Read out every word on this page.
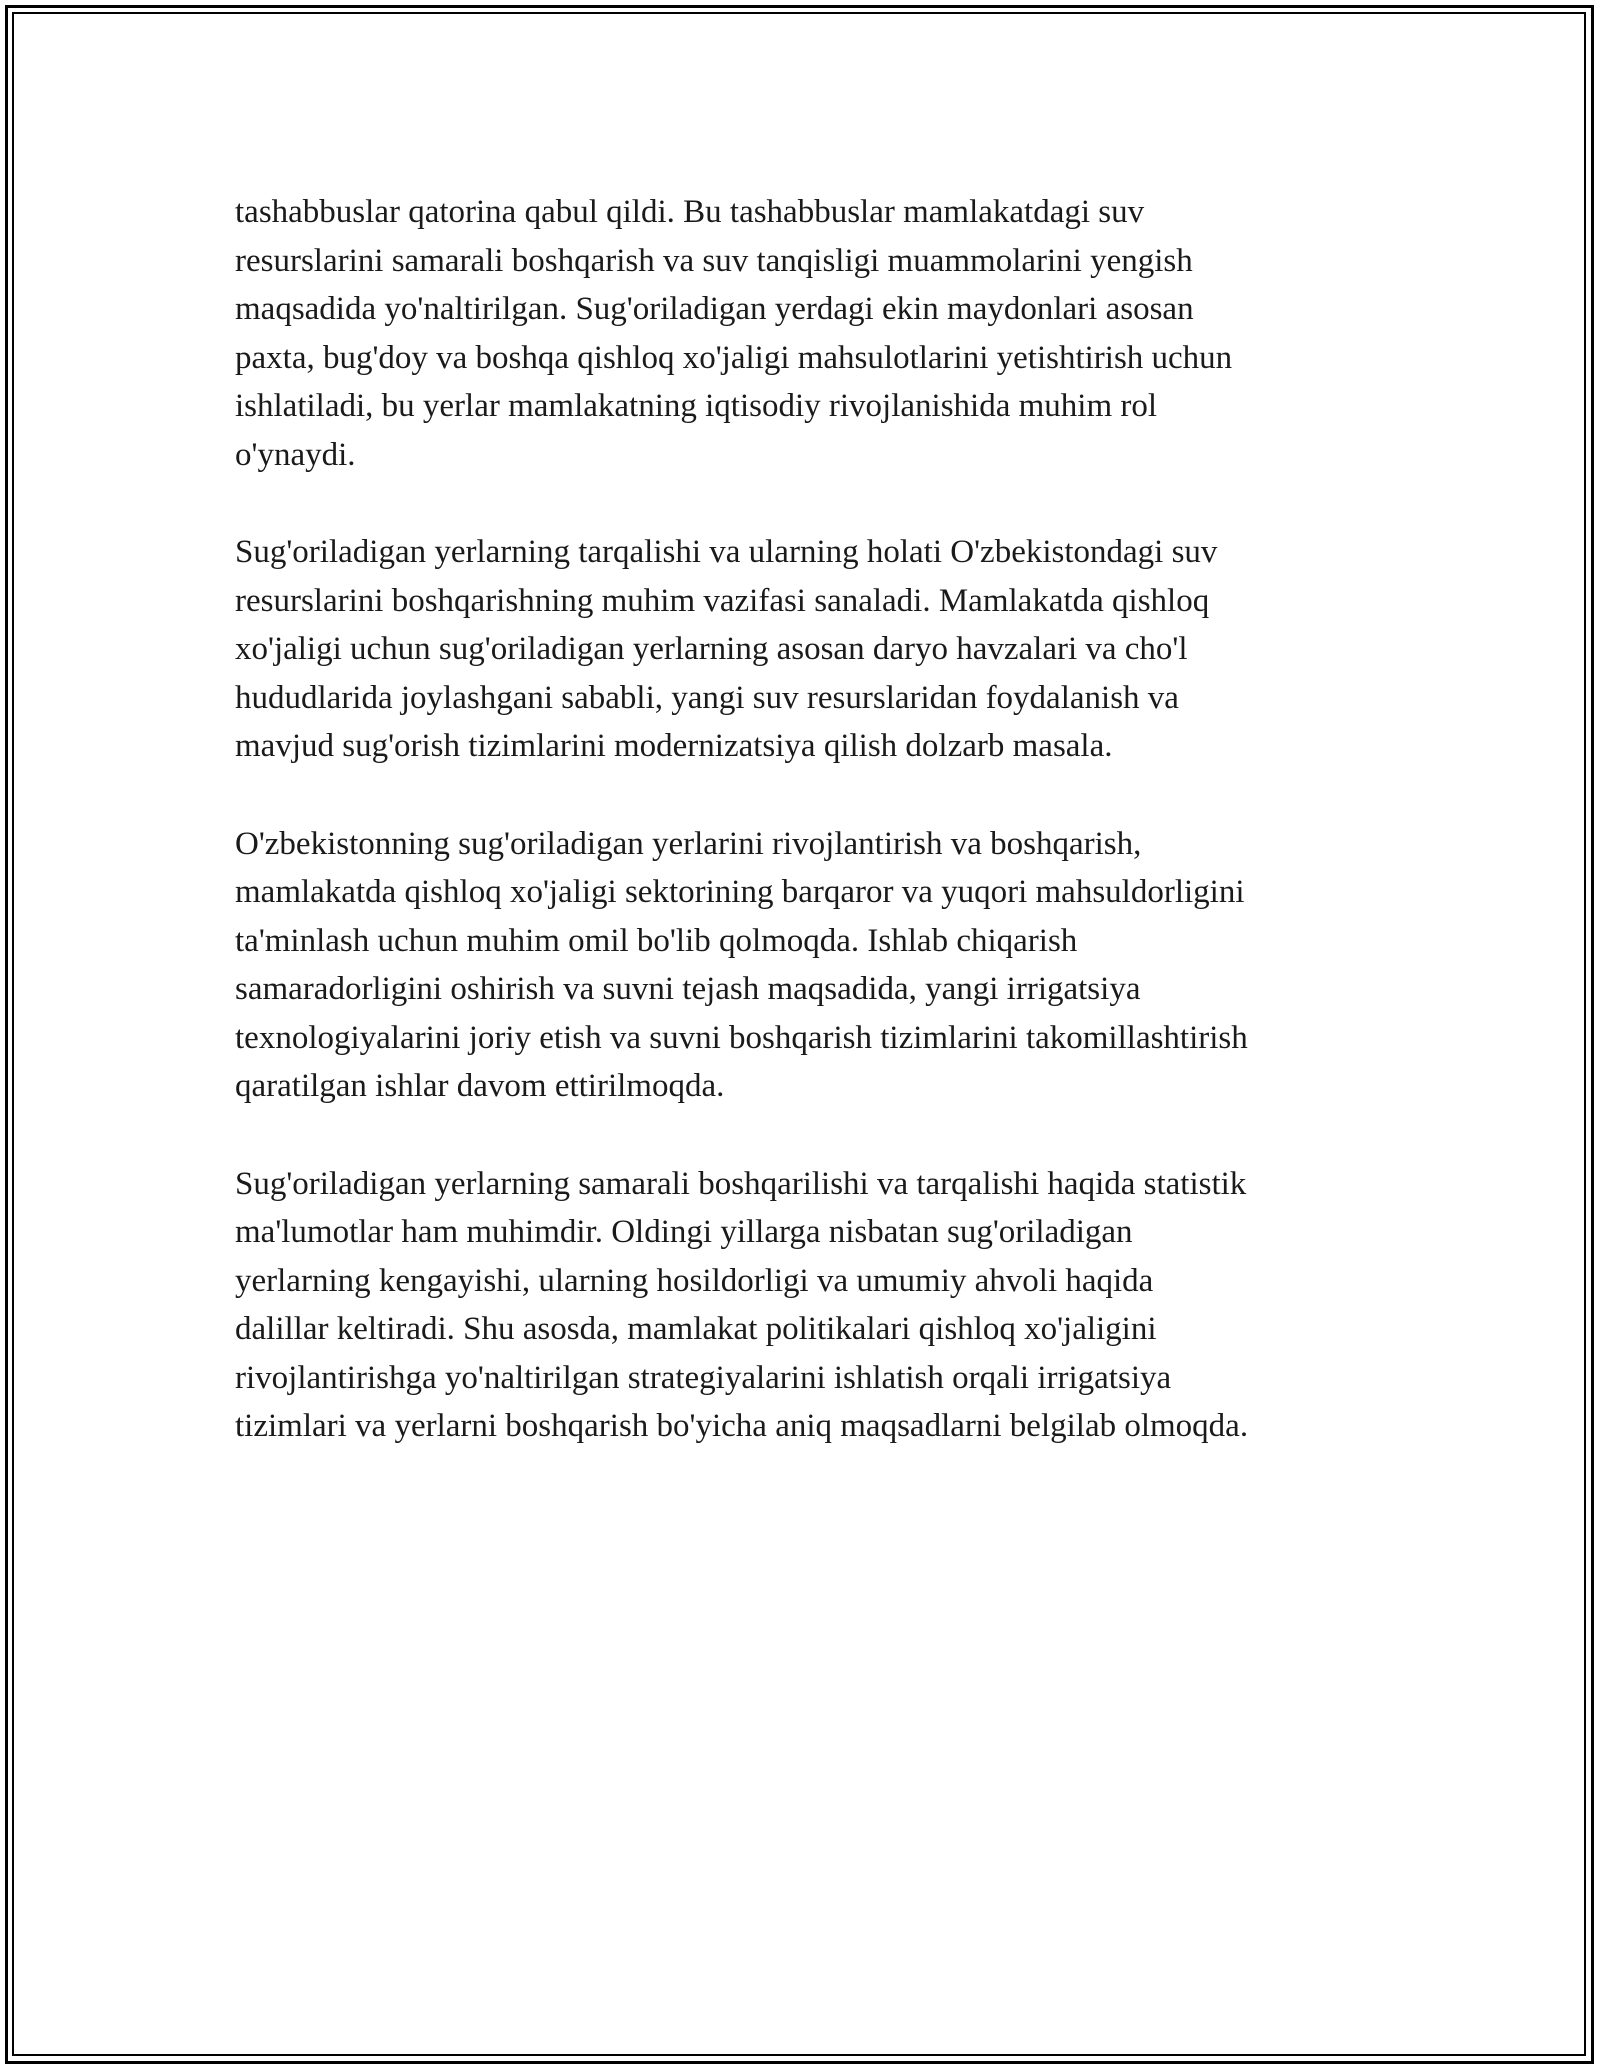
tashabbuslar qatorina qabul qildi. Bu tashabbuslar mamlakatdagi suv
resurslarini samarali boshqarish va suv tanqisligi muammolarini yengish
maqsadida yo'naltirilgan. Sug'oriladigan yerdagi ekin maydonlari asosan
paxta, bug'doy va boshqa qishloq xo'jaligi mahsulotlarini yetishtirish uchun
ishlatiladi, bu yerlar mamlakatning iqtisodiy rivojlanishida muhim rol
o'ynaydi.

Sug'oriladigan yerlarning tarqalishi va ularning holati O'zbekistondagi suv
resurslarini boshqarishning muhim vazifasi sanaladi. Mamlakatda qishloq
xo'jaligi uchun sug'oriladigan yerlarning asosan daryo havzalari va cho'l
hududlarida joylashgani sababli, yangi suv resurslaridan foydalanish va
mavjud sug'orish tizimlarini modernizatsiya qilish dolzarb masala.

O'zbekistonning sug'oriladigan yerlarini rivojlantirish va boshqarish,
mamlakatda qishloq xo'jaligi sektorining barqaror va yuqori mahsuldorligini
ta'minlash uchun muhim omil bo'lib qolmoqda. Ishlab chiqarish
samaradorligini oshirish va suvni tejash maqsadida, yangi irrigatsiya
texnologiyalarini joriy etish va suvni boshqarish tizimlarini takomillashtirish
qaratilgan ishlar davom ettirilmoqda.

Sug'oriladigan yerlarning samarali boshqarilishi va tarqalishi haqida statistik
ma'lumotlar ham muhimdir. Oldingi yillarga nisbatan sug'oriladigan
yerlarning kengayishi, ularning hosildorligi va umumiy ahvoli haqida
dalillar keltiradi. Shu asosda, mamlakat politikalari qishloq xo'jaligini
rivojlantirishga yo'naltirilgan strategiyalarini ishlatish orqali irrigatsiya
tizimlari va yerlarni boshqarish bo'yicha aniq maqsadlarni belgilab olmoqda.
